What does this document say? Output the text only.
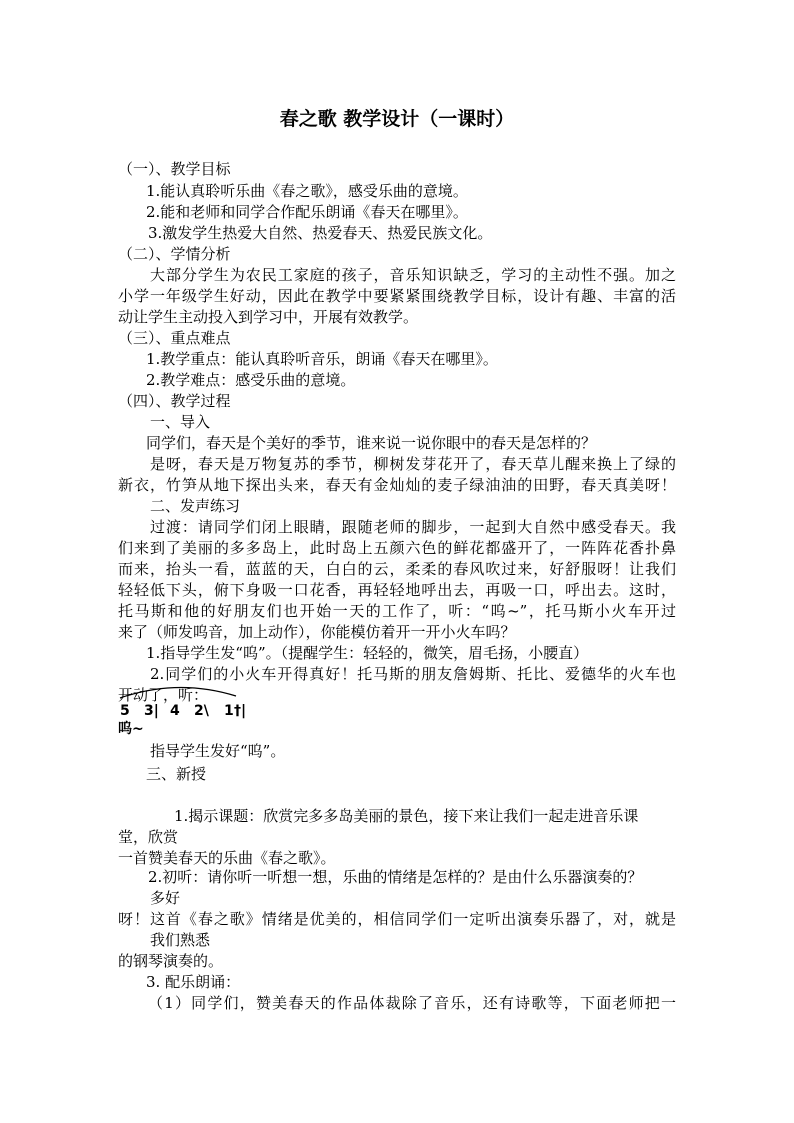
春之歌 教学设计（一课时）
（一）、教学目标
1.能认真聆听乐曲《春之歌》，感受乐曲的意境。
2.能和老师和同学合作配乐朗诵《春天在哪里》。
3.激发学生热爱大自然、热爱春天、热爱民族文化。
（二）、学情分析
大部分学生为农民工家庭的孩子，音乐知识缺乏，学习的主动性不强。加之
小学一年级学生好动，因此在教学中要紧紧围绕教学目标，设计有趣、丰富的活
动让学生主动投入到学习中，开展有效教学。
（三）、重点难点
1.教学重点：能认真聆听音乐，朗诵《春天在哪里》。
2.教学难点：感受乐曲的意境。
（四）、教学过程
一、导入
同学们，春天是个美好的季节，谁来说一说你眼中的春天是怎样的？
是呀，春天是万物复苏的季节，柳树发芽花开了，春天草儿醒来换上了绿的
新衣，竹笋从地下探出头来，春天有金灿灿的麦子绿油油的田野，春天真美呀！
二、发声练习
过渡：请同学们闭上眼睛，跟随老师的脚步，一起到大自然中感受春天。我
们来到了美丽的多多岛上，此时岛上五颜六色的鲜花都盛开了，一阵阵花香扑鼻
而来，抬头一看，蓝蓝的天，白白的云，柔柔的春风吹过来，好舒服呀！让我们
轻轻低下头，俯下身吸一口花香，再轻轻地呼出去，再吸一口，呼出去。这时，
托马斯和他的好朋友们也开始一天的工作了，听：“呜~”，托马斯小火车开过
来了（师发呜音，加上动作），你能模仿着开一开小火车吗？
1.指导学生发“呜”。（提醒学生：轻轻的，微笑，眉毛扬，小腰直）
2.同学们的小火车开得真好！托马斯的朋友詹姆斯、托比、爱德华的火车也
开动了，听：
5 3| 4 2\ 1 †|
呜~
指导学生发好“呜”。
三、新授
1.揭示课题：欣赏完多多岛美丽的景色，接下来让我们一起走进音乐课
堂，欣赏
一首赞美春天的乐曲《春之歌》。
2.初听：请你听一听想一想，乐曲的情绪是怎样的？是由什么乐器演奏的？
多好
呀！这首《春之歌》情绪是优美的，相信同学们一定听出演奏乐器了，对，就是
我们熟悉
的钢琴演奏的。
3. 配乐朗诵：
（1）同学们，赞美春天的作品体裁除了音乐，还有诗歌等，下面老师把一
